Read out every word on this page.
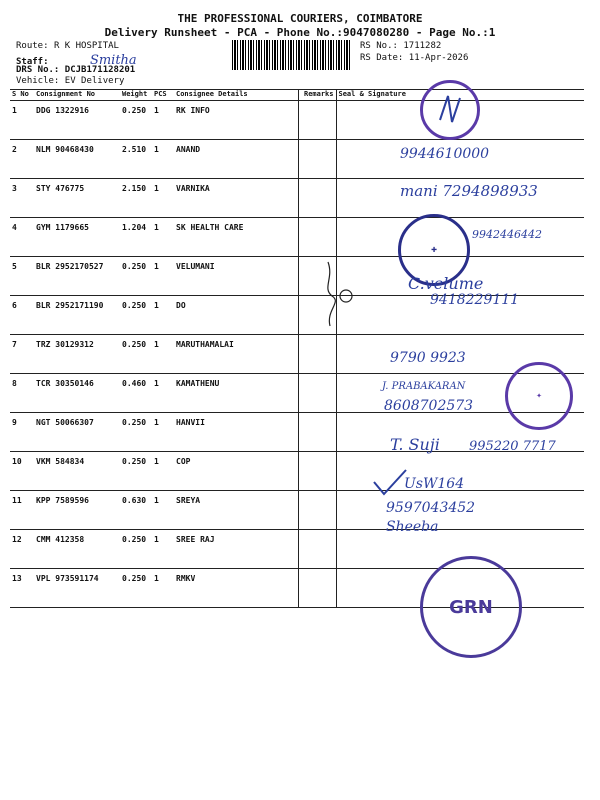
THE PROFESSIONAL COURIERS, COIMBATORE
Delivery Runsheet - PCA - Phone No.:9047080280 - Page No.:1
Route: R K HOSPITAL
Staff:	Smitha
DRS No.: DCJB171128201
Vehicle: EV Delivery
RS No.: 1711282
RS Date: 11-Apr-2026
S No	Consignment No	Weight	PCS	Consignee Details	Remarks	Seal & Signature
1	DDG 1322916	0.250	1	RK INFO		
2	NLM 90468430	2.510	1	ANAND		
3	STY 476775	2.150	1	VARNIKA		
4	GYM 1179665	1.204	1	SK HEALTH CARE		
5	BLR 2952170527	0.250	1	VELUMANI		
6	BLR 2952171190	0.250	1	DO		
7	TRZ 30129312	0.250	1	MARUTHAMALAI		
8	TCR 30350146	0.460	1	KAMATHENU		
9	NGT 50066307	0.250	1	HANVII		
10	VKM 584834	0.250	1	COP		
11	KPP 7589596	0.630	1	SREYA		
12	CMM 412358	0.250	1	SREE RAJ		
13	VPL 973591174	0.250	1	RMKV		
✚
✦
GRN
9944610000
mani 7294898933
9942446442
C.velume
9418229111
9790 9923
J. PRABAKARAN
8608702573
T. Suji 995220 7717
UsW164
9597043452
Sheeba
